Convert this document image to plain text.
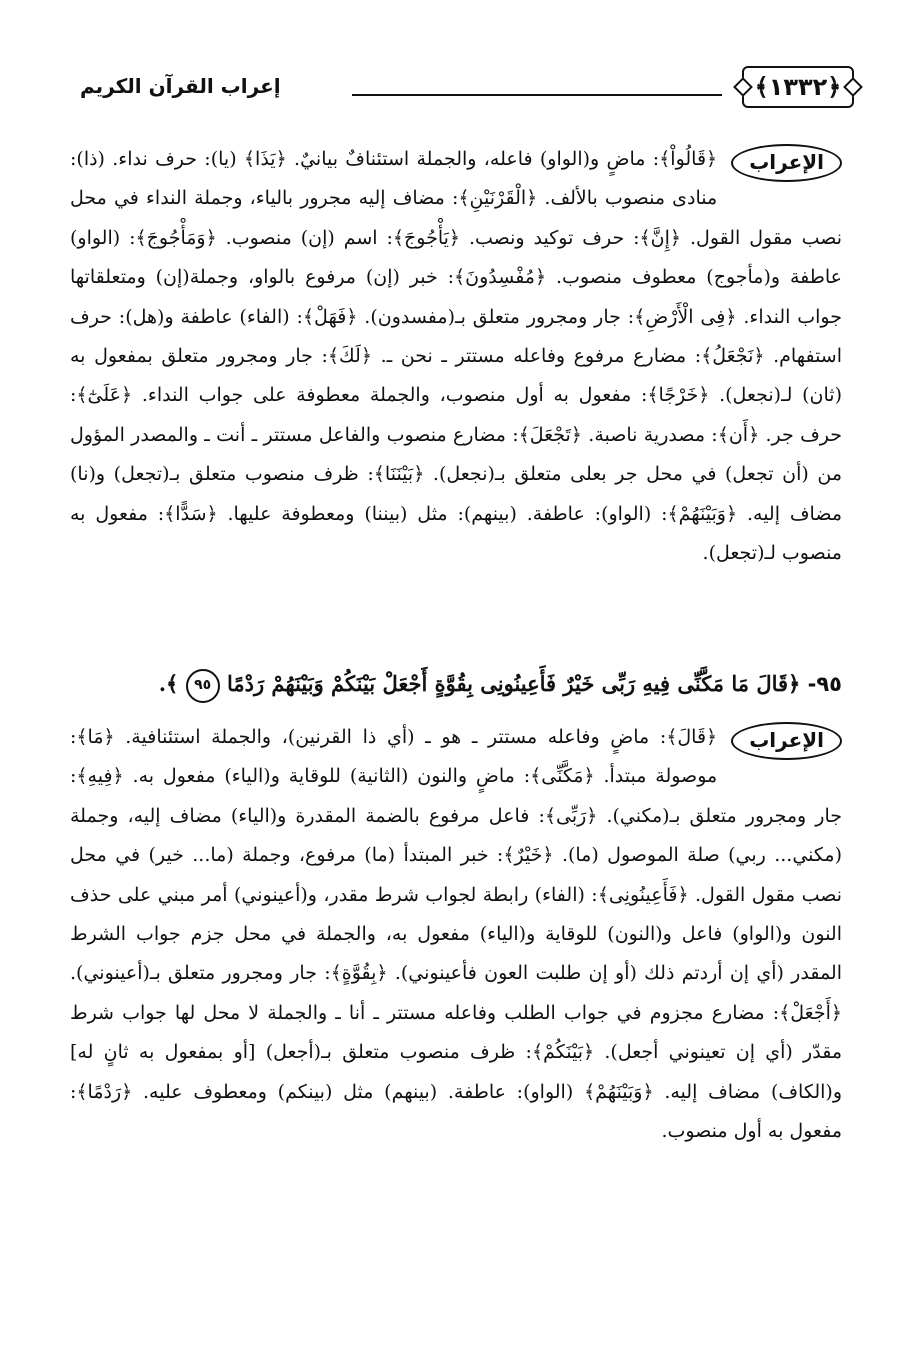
﴿١٣٣٢﴾
إعراب القرآن الكريم
الإعراب
﴿قَالُواْ﴾: ماضٍ و(الواو) فاعله، والجملة استئنافٌ بيانيٌ. ﴿يَذَا﴾ (يا): حرف نداء. (ذا): منادى منصوب بالألف. ﴿الْقَرْنَيْنِ﴾: مضاف إليه مجرور بالياء، وجملة النداء في محل نصب مقول القول. ﴿إِنَّ﴾: حرف توكيد ونصب. ﴿يَأْجُوجَ﴾: اسم (إن) منصوب. ﴿وَمَأْجُوجَ﴾: (الواو) عاطفة و(مأجوج) معطوف منصوب. ﴿مُفْسِدُونَ﴾: خبر (إن) مرفوع بالواو، وجملة(إن) ومتعلقاتها جواب النداء. ﴿فِى الْأَرْضِ﴾: جار ومجرور متعلق بـ(مفسدون). ﴿فَهَلْ﴾: (الفاء) عاطفة و(هل): حرف استفهام. ﴿نَجْعَلُ﴾: مضارع مرفوع وفاعله مستتر ـ نحن ـ. ﴿لَكَ﴾: جار ومجرور متعلق بمفعول به (ثان) لـ(نجعل). ﴿خَرْجًا﴾: مفعول به أول منصوب، والجملة معطوفة على جواب النداء. ﴿عَلَىٰٓ﴾: حرف جر. ﴿أَن﴾: مصدرية ناصبة. ﴿تَجْعَلَ﴾: مضارع منصوب والفاعل مستتر ـ أنت ـ والمصدر المؤول من (أن تجعل) في محل جر بعلى متعلق بـ(نجعل). ﴿بَيْنَنَا﴾: ظرف منصوب متعلق بـ(تجعل) و(نا) مضاف إليه. ﴿وَبَيْنَهُمْ﴾: (الواو): عاطفة. (بينهم): مثل (بيننا) ومعطوفة عليها. ﴿سَدًّا﴾: مفعول به منصوب لـ(تجعل).
٩٥- ﴿قَالَ مَا مَكَّنِّى فِيهِ رَبِّى خَيْرٌ فَأَعِينُونِى بِقُوَّةٍ أَجْعَلْ بَيْنَكُمْ وَبَيْنَهُمْ رَدْمًا ٩٥ ﴾.
الإعراب
﴿قَالَ﴾: ماضٍ وفاعله مستتر ـ هو ـ (أي ذا القرنين)، والجملة استئنافية. ﴿مَا﴾: موصولة مبتدأ. ﴿مَكَّنِّى﴾: ماضٍ والنون (الثانية) للوقاية و(الياء) مفعول به. ﴿فِيهِ﴾: جار ومجرور متعلق بـ(مكني). ﴿رَبِّى﴾: فاعل مرفوع بالضمة المقدرة و(الياء) مضاف إليه، وجملة (مكني... ربي) صلة الموصول (ما). ﴿خَيْرٌ﴾: خبر المبتدأ (ما) مرفوع، وجملة (ما... خير) في محل نصب مقول القول. ﴿فَأَعِينُونِى﴾: (الفاء) رابطة لجواب شرط مقدر، و(أعينوني) أمر مبني على حذف النون و(الواو) فاعل و(النون) للوقاية و(الياء) مفعول به، والجملة في محل جزم جواب الشرط المقدر (أي إن أردتم ذلك (أو إن طلبت العون فأعينوني). ﴿بِقُوَّةٍ﴾: جار ومجرور متعلق بـ(أعينوني). ﴿أَجْعَلْ﴾: مضارع مجزوم في جواب الطلب وفاعله مستتر ـ أنا ـ والجملة لا محل لها جواب شرط مقدّر (أي إن تعينوني أجعل). ﴿بَيْنَكُمْ﴾: ظرف منصوب متعلق بـ(أجعل) [أو بمفعول به ثانٍ له] و(الكاف) مضاف إليه. ﴿وَبَيْنَهُمْ﴾ (الواو): عاطفة. (بينهم) مثل (بينكم) ومعطوف عليه. ﴿رَدْمًا﴾: مفعول به أول منصوب.
